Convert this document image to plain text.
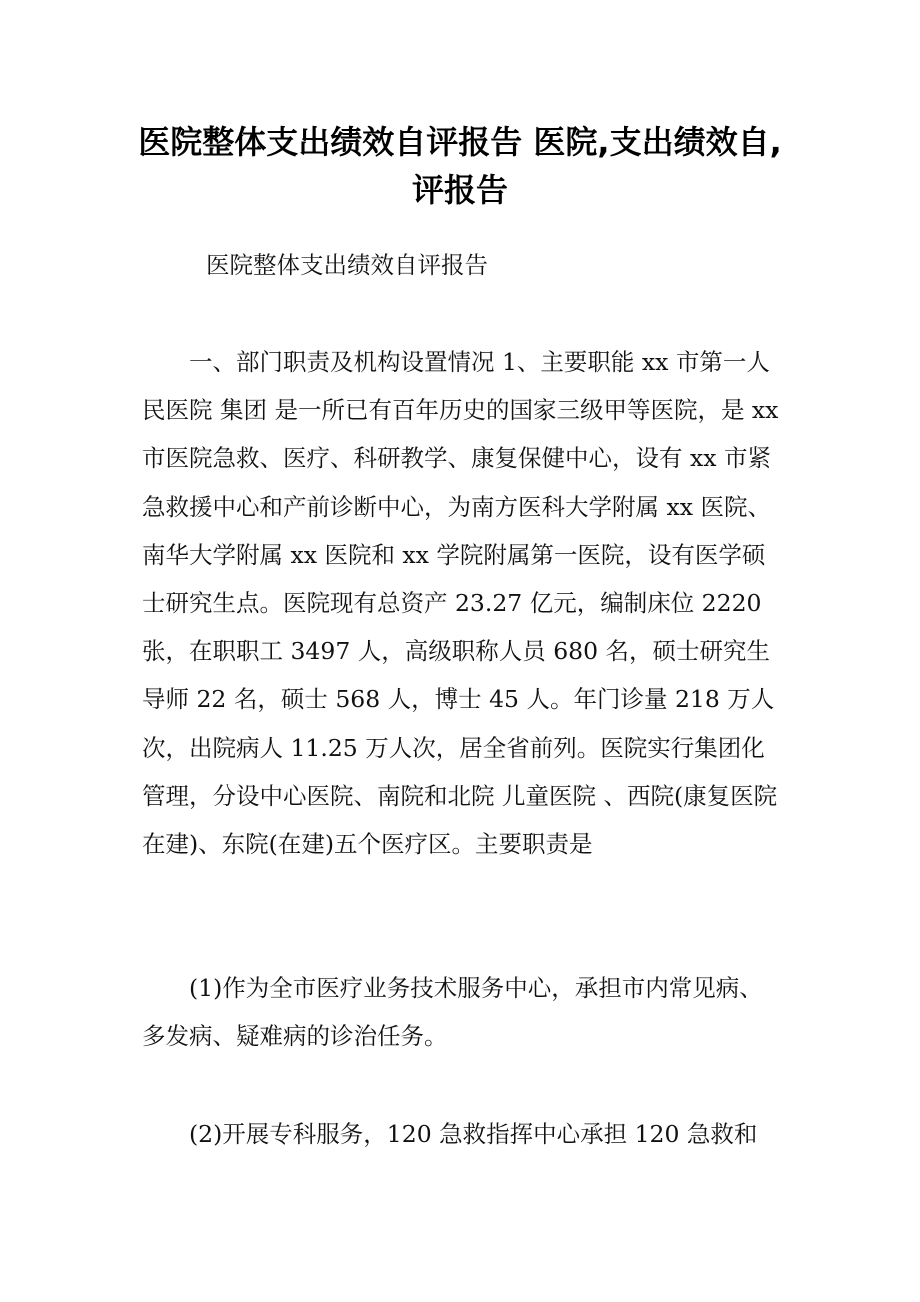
医院整体支出绩效自评报告 医院,支出绩效自,评报告
医院整体支出绩效自评报告

一、部门职责及机构设置情况 1、主要职能 xx 市第一人民医院 集团 是一所已有百年历史的国家三级甲等医院，是 xx 市医院急救、医疗、科研教学、康复保健中心，设有 xx 市紧急救援中心和产前诊断中心，为南方医科大学附属 xx 医院、南华大学附属 xx 医院和 xx 学院附属第一医院，设有医学硕士研究生点。医院现有总资产 23.27 亿元，编制床位 2220 张，在职职工 3497 人，高级职称人员 680 名，硕士研究生导师 22 名，硕士 568 人，博士 45 人。年门诊量 218 万人次，出院病人 11.25 万人次，居全省前列。医院实行集团化管理，分设中心医院、南院和北院 儿童医院 、西院(康复医院 在建)、东院(在建)五个医疗区。主要职责是

(1)作为全市医疗业务技术服务中心，承担市内常见病、多发病、疑难病的诊治任务。

(2)开展专科服务，120 急救指挥中心承担 120 急救和
